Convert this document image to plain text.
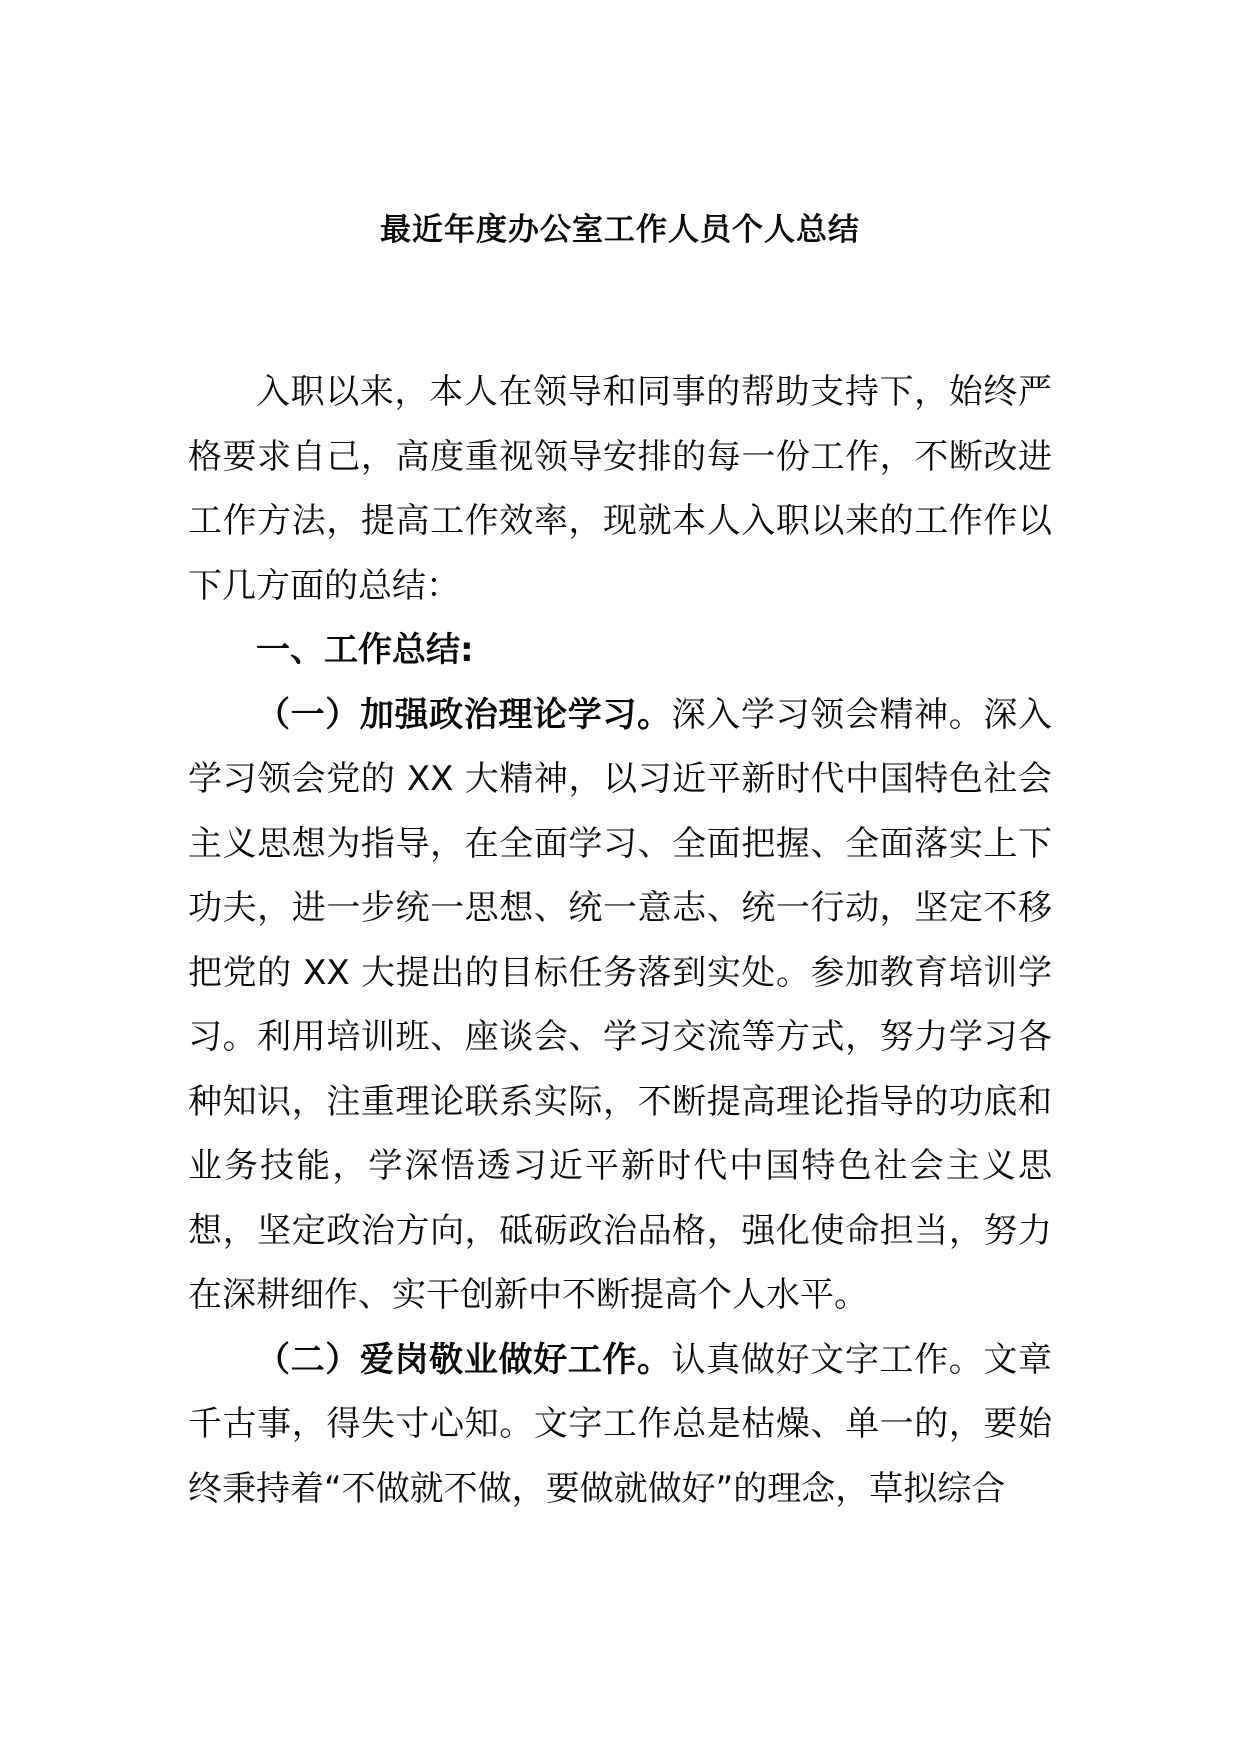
最近年度办公室工作人员个人总结

入职以来，本人在领导和同事的帮助支持下，始终严格要求自己，高度重视领导安排的每一份工作，不断改进工作方法，提高工作效率，现就本人入职以来的工作作以下几方面的总结：

一、工作总结:

（一）加强政治理论学习。深入学习领会精神。深入学习领会党的 XX 大精神，以习近平新时代中国特色社会主义思想为指导，在全面学习、全面把握、全面落实上下功夫，进一步统一思想、统一意志、统一行动，坚定不移把党的 XX 大提出的目标任务落到实处。参加教育培训学习。利用培训班、座谈会、学习交流等方式，努力学习各种知识，注重理论联系实际，不断提高理论指导的功底和业务技能，学深悟透习近平新时代中国特色社会主义思想，坚定政治方向，砥砺政治品格，强化使命担当，努力在深耕细作、实干创新中不断提高个人水平。

（二）爱岗敬业做好工作。认真做好文字工作。文章千古事，得失寸心知。文字工作总是枯燥、单一的，要始终秉持着“不做就不做，要做就做好”的理念，草拟综合
